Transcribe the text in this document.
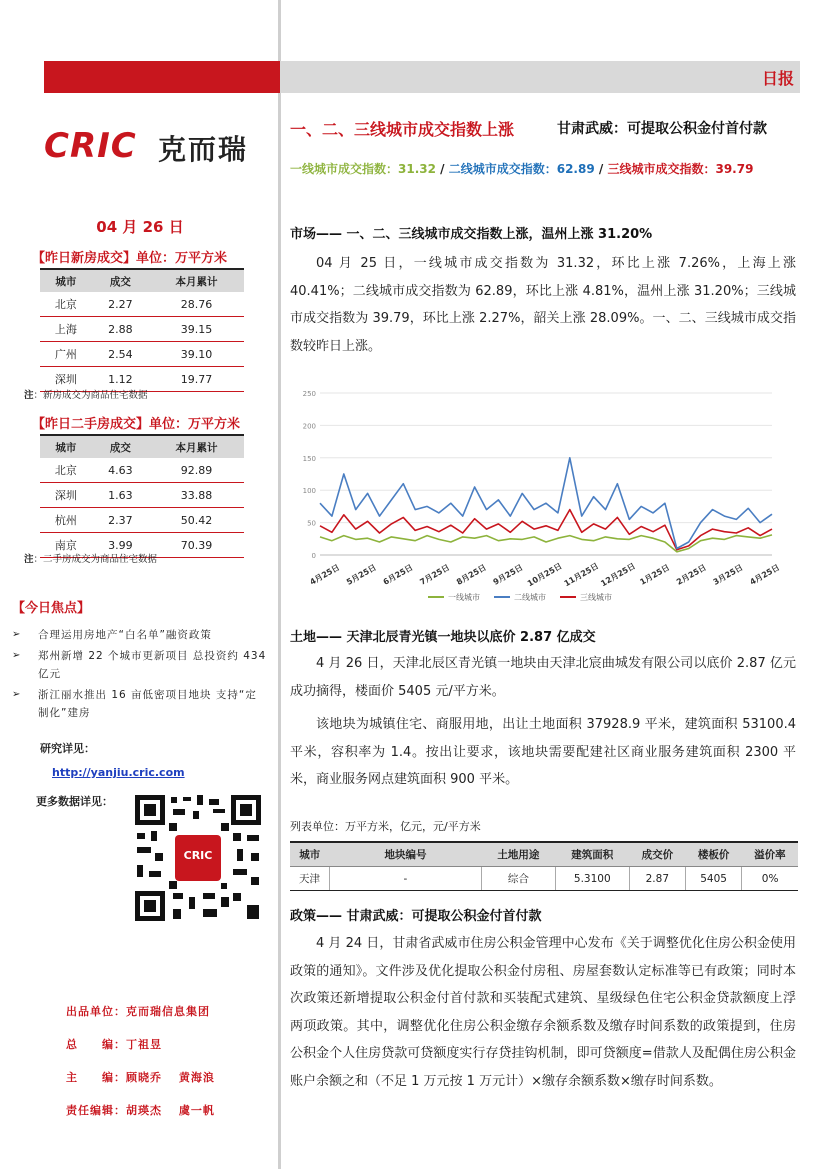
日报
CRIC 克而瑞
一、二、三线城市成交指数上涨	甘肃武威：可提取公积金付首付款
一线城市成交指数：31.32 / 二线城市成交指数：62.89 / 三线城市成交指数：39.79
04 月 26 日
【昨日新房成交】单位：万平方米
城市	成交	本月累计
北京	2.27	28.76
上海	2.88	39.15
广州	2.54	39.10
深圳	1.12	19.77
注：新房成交为商品住宅数据
【昨日二手房成交】单位：万平方米
城市	成交	本月累计
北京	4.63	92.89
深圳	1.63	33.88
杭州	2.37	50.42
南京	3.99	70.39
注：二手房成交为商品住宅数据
【今日焦点】
➢ 合理运用房地产“白名单”融资政策
➢ 郑州新增 22 个城市更新项目 总投资约 434 亿元
➢ 浙江丽水推出 16 亩低密项目地块 支持“定制化”建房
研究详见：
http://yanjiu.cric.com
更多数据详见：
CRIC
出品单位：克而瑞信息集团
总　　编：丁祖昱
主　　编：顾晓乔　 黄海浪
责任编辑：胡瑛杰　 虞一帆
市场—— 一、二、三线城市成交指数上涨，温州上涨 31.20%

04 月 25 日，一线城市成交指数为 31.32，环比上涨 7.26%，上海上涨 40.41%；二线城市成交指数为 62.89，环比上涨 4.81%，温州上涨 31.20%；三线城市成交指数为 39.79，环比上涨 2.27%，韶关上涨 28.09%。一、二、三线城市成交指数较昨日上涨。

0
50
100
150
200
250
4月25日 5月25日 6月25日 7月25日 8月25日 9月25日 10月25日 11月25日 12月25日 1月25日 2月25日 3月25日 4月25日
一线城市	二线城市	三线城市
土地—— 天津北辰青光镇一地块以底价 2.87 亿成交

4 月 26 日，天津北辰区青光镇一地块由天津北宸曲城发有限公司以底价 2.87 亿元成功摘得，楼面价 5405 元/平方米。

该地块为城镇住宅、商服用地，出让土地面积 37928.9 平米，建筑面积 53100.4 平米，容积率为 1.4。按出让要求，该地块需要配建社区商业服务建筑面积 2300 平米，商业服务网点建筑面积 900 平米。

列表单位：万平方米，亿元，元/平方米
城市	地块编号	土地用途	建筑面积	成交价	楼板价	溢价率
天津	-	综合	5.3100	2.87	5405	0%
政策—— 甘肃武威：可提取公积金付首付款

4 月 24 日，甘肃省武威市住房公积金管理中心发布《关于调整优化住房公积金使用政策的通知》。文件涉及优化提取公积金付房租、房屋套数认定标准等已有政策；同时本次政策还新增提取公积金付首付款和买装配式建筑、星级绿色住宅公积金贷款额度上浮两项政策。其中，调整优化住房公积金缴存余额系数及缴存时间系数的政策提到，住房公积金个人住房贷款可贷额度实行存贷挂钩机制，即可贷额度=借款人及配偶住房公积金账户余额之和（不足 1 万元按 1 万元计）×缴存余额系数×缴存时间系数。
